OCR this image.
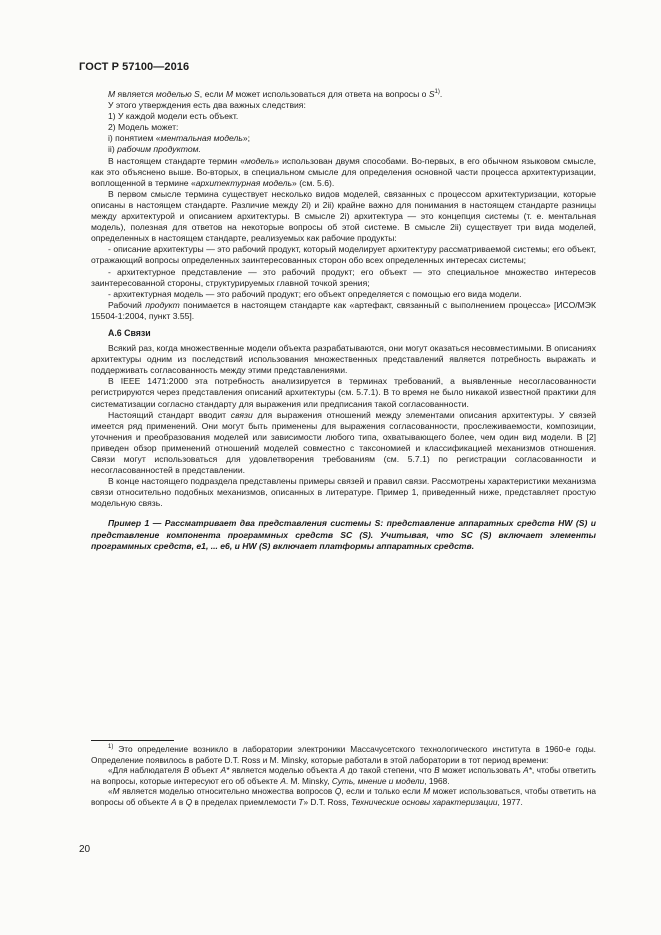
ГОСТ Р 57100—2016

М является моделью S, если М может использоваться для ответа на вопросы о $S^{1)}$.

У этого утверждения есть два важных следствия:

1) У каждой модели есть объект.

2) Модель может:

i) понятием «ментальная модель»;

ii) рабочим продуктом.

В настоящем стандарте термин «модель» использован двумя способами. Во-первых, в его обычном языковом смысле, как это объяснено выше. Во-вторых, в специальном смысле для определения основной части процесса архитектуризации, воплощенной в термине «архитектурная модель» (см. 5.6).

В первом смысле термина существует несколько видов моделей, связанных с процессом архитектуризации, которые описаны в настоящем стандарте. Различие между 2i) и 2ii) крайне важно для понимания в настоящем стандарте разницы между архитектурой и описанием архитектуры. В смысле 2i) архитектура — это концепция системы (т. е. ментальная модель), полезная для ответов на некоторые вопросы об этой системе. В смысле 2ii) существует три вида моделей, определенных в настоящем стандарте, реализуемых как рабочие продукты:

- описание архитектуры — это рабочий продукт, который моделирует архитектуру рассматриваемой системы; его объект, отражающий вопросы определенных заинтересованных сторон обо всех определенных интересах системы;

- архитектурное представление — это рабочий продукт; его объект — это специальное множество интересов заинтересованной стороны, структурируемых главной точкой зрения;

- архитектурная модель — это рабочий продукт; его объект определяется с помощью его вида модели.

Рабочий продукт понимается в настоящем стандарте как «артефакт, связанный с выполнением процесса» [ИСО/МЭК 15504-1:2004, пункт 3.55].

А.6 Связи

Всякий раз, когда множественные модели объекта разрабатываются, они могут оказаться несовместимыми. В описаниях архитектуры одним из последствий использования множественных представлений является потребность выражать и поддерживать согласованность между этими представлениями.

В IEEE 1471:2000 эта потребность анализируется в терминах требований, а выявленные несогласованности регистрируются через представления описаний архитектуры (см. 5.7.1). В то время не было никакой известной практики для систематизации согласно стандарту для выражения или предписания такой согласованности.

Настоящий стандарт вводит связи для выражения отношений между элементами описания архитектуры. У связей имеется ряд применений. Они могут быть применены для выражения согласованности, прослеживаемости, композиции, уточнения и преобразования моделей или зависимости любого типа, охватывающего более, чем один вид модели. В [2] приведен обзор применений отношений моделей совместно с таксономией и классификацией механизмов отношения. Связи могут использоваться для удовлетворения требованиям (см. 5.7.1) по регистрации согласованности и несогласованностей в представлении.

В конце настоящего подраздела представлены примеры связей и правил связи. Рассмотрены характеристики механизма связи относительно подобных механизмов, описанных в литературе. Пример 1, приведенный ниже, представляет простую модельную связь.

Пример 1 — Рассматривает два представления системы S: представление аппаратных средств HW (S) и представление компонента программных средств SC (S). Учитывая, что SC (S) включает элементы программных средств, e1, ... e6, и HW (S) включает платформы аппаратных средств.

$^{1)}$ Это определение возникло в лаборатории электроники Массачусетского технологического института в 1960-е годы. Определение появилось в работе D.T. Ross и M. Minsky, которые работали в этой лаборатории в тот период времени:

«Для наблюдателя B объект A* является моделью объекта A до такой степени, что B может использовать A*, чтобы ответить на вопросы, которые интересуют его об объекте A. M. Minsky, Суть, мнение и модели, 1968.

«M является моделью относительно множества вопросов Q, если и только если M может использоваться, чтобы ответить на вопросы об объекте A в Q в пределах приемлемости T» D.T. Ross, Технические основы характеризации, 1977.

20
